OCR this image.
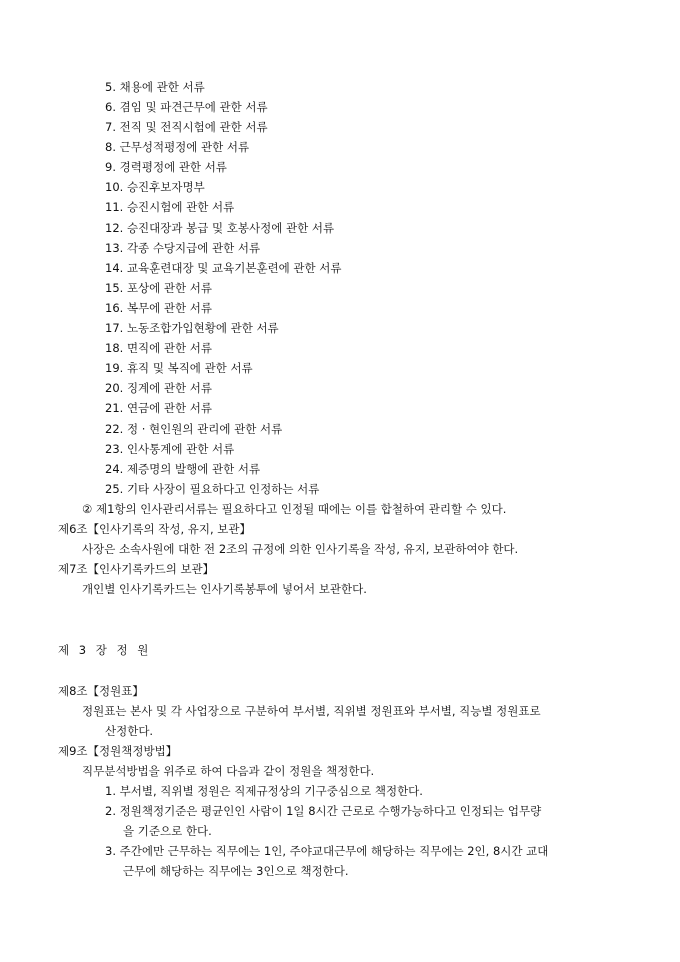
5. 채용에 관한 서류
6. 겸임 및 파견근무에 관한 서류
7. 전직 및 전직시험에 관한 서류
8. 근무성적평정에 관한 서류
9. 경력평정에 관한 서류
10. 승진후보자명부
11. 승진시험에 관한 서류
12. 승진대장과 봉급 및 호봉사정에 관한 서류
13. 각종 수당지급에 관한 서류
14. 교육훈련대장 및 교육기본훈련에 관한 서류
15. 포상에 관한 서류
16. 복무에 관한 서류
17. 노동조합가입현황에 관한 서류
18. 면직에 관한 서류
19. 휴직 및 복직에 관한 서류
20. 징계에 관한 서류
21. 연금에 관한 서류
22. 정 · 현인원의 관리에 관한 서류
23. 인사통계에 관한 서류
24. 제증명의 발행에 관한 서류
25. 기타 사장이 필요하다고 인정하는 서류
② 제1항의 인사관리서류는 필요하다고 인정될 때에는 이를 합철하여 관리할 수 있다.
제6조【인사기록의 작성, 유지, 보관】
사장은 소속사원에 대한 전 2조의 규정에 의한 인사기록을 작성, 유지, 보관하여야 한다.
제7조【인사기록카드의 보관】
개인별 인사기록카드는 인사기록봉투에 넣어서 보관한다.
제 3 장 정 원
제8조【정원표】
정원표는 본사 및 각 사업장으로 구분하여 부서별, 직위별 정원표와 부서별, 직능별 정원표로
산정한다.
제9조【정원책정방법】
직무분석방법을 위주로 하여 다음과 같이 정원을 책정한다.
1. 부서별, 직위별 정원은 직제규정상의 기구중심으로 책정한다.
2. 정원책정기준은 평균인인 사람이 1일 8시간 근로로 수행가능하다고 인정되는 업무량
을 기준으로 한다.
3. 주간에만 근무하는 직무에는 1인, 주야교대근무에 해당하는 직무에는 2인, 8시간 교대
근무에 해당하는 직무에는 3인으로 책정한다.
